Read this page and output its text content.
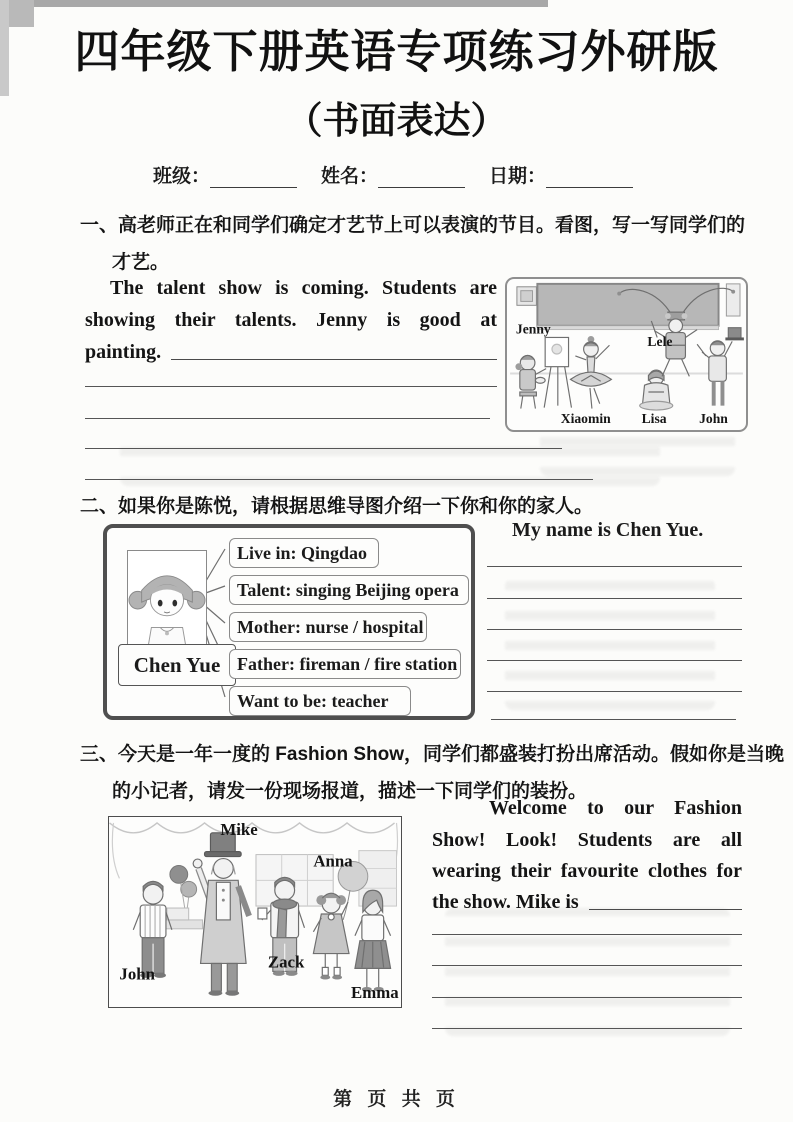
四年级下册英语专项练习外研版
（书面表达）
班级：	姓名：	日期：
一、高老师正在和同学们确定才艺节上可以表演的节目。看图，写一写同学们的
才艺。
The talent show is coming. Students are
showing their talents. Jenny is good at
painting.
Jenny
Lele
Xiaomin Lisa John
二、如果你是陈悦，请根据思维导图介绍一下你和你的家人。
Chen Yue
Live in: Qingdao
Talent: singing Beijing opera
Mother: nurse / hospital
Father: fireman / fire station
Want to be: teacher
My name is Chen Yue.
三、今天是一年一度的 Fashion Show，同学们都盛装打扮出席活动。假如你是当晚
的小记者，请发一份现场报道，描述一下同学们的装扮。
Mike
Anna
John
Zack
Emma
Welcome to our Fashion
Show! Look! Students are all
wearing their favourite clothes for
the show. Mike is
第 页 共 页
